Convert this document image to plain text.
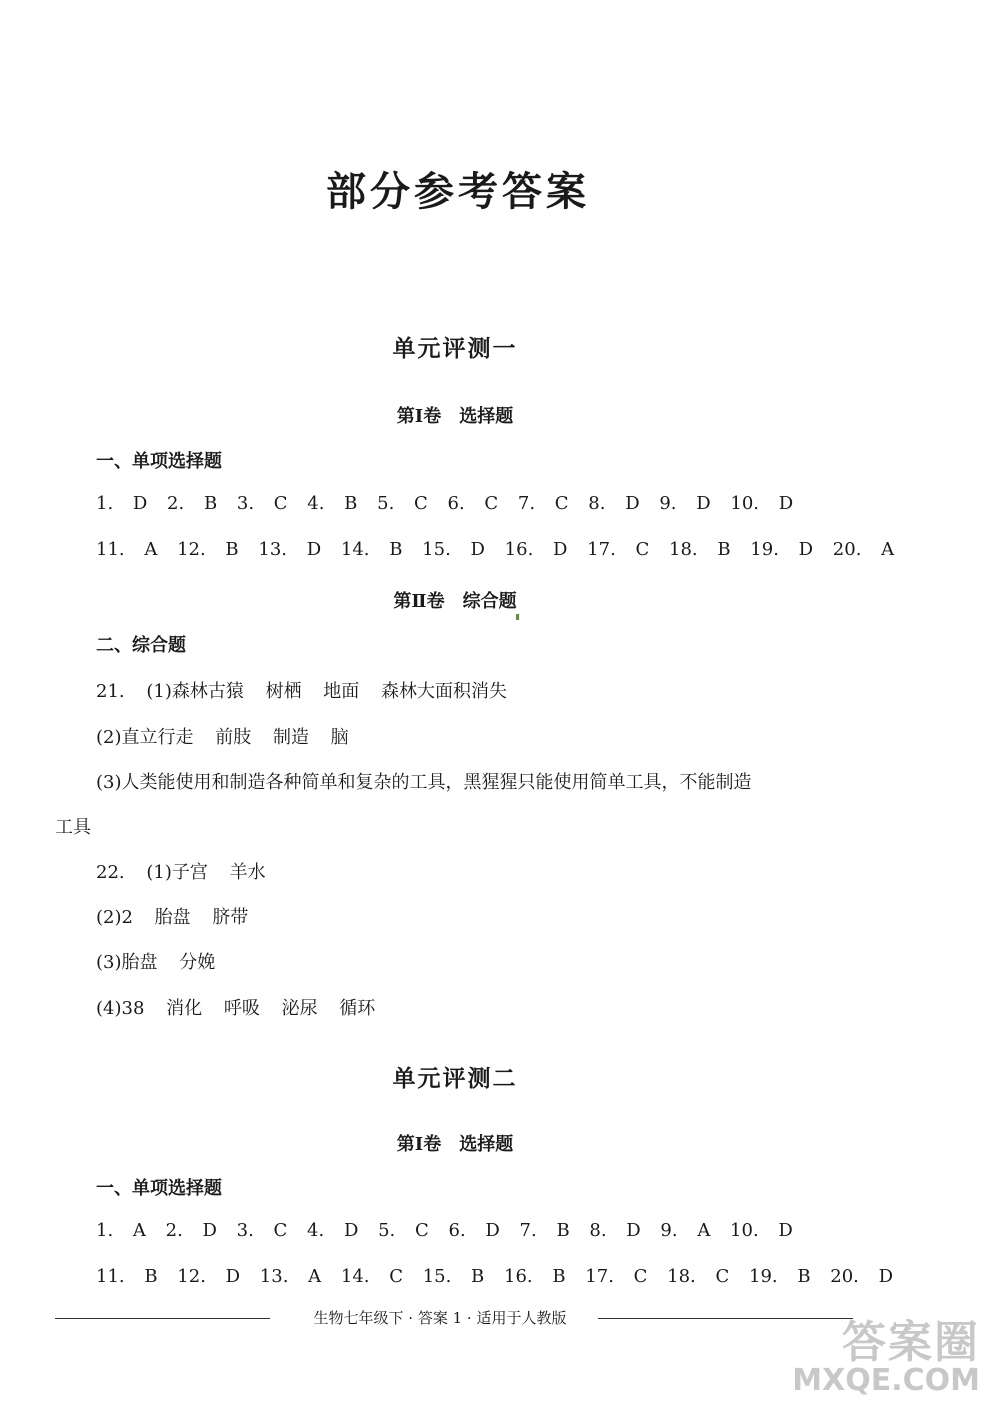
部分参考答案
单元评测一
第Ⅰ卷　选择题
一、单项选择题
1. D 2. B 3. C 4. B 5. C 6. C 7. C 8. D 9. D 10. D
11. A 12. B 13. D 14. B 15. D 16. D 17. C 18. B 19. D 20. A
第Ⅱ卷　综合题
二、综合题
21. (1)森林古猿 树栖 地面 森林大面积消失
(2)直立行走 前肢 制造 脑
(3)人类能使用和制造各种简单和复杂的工具，黑猩猩只能使用简单工具，不能制造
工具
22. (1)子宫 羊水
(2)2 胎盘 脐带
(3)胎盘 分娩
(4)38 消化 呼吸 泌尿 循环
单元评测二
第Ⅰ卷　选择题
一、单项选择题
1. A 2. D 3. C 4. D 5. C 6. D 7. B 8. D 9. A 10. D
11. B 12. D 13. A 14. C 15. B 16. B 17. C 18. C 19. B 20. D
生物七年级下 · 答案 1 · 适用于人教版	答案圈
MXQE.COM
